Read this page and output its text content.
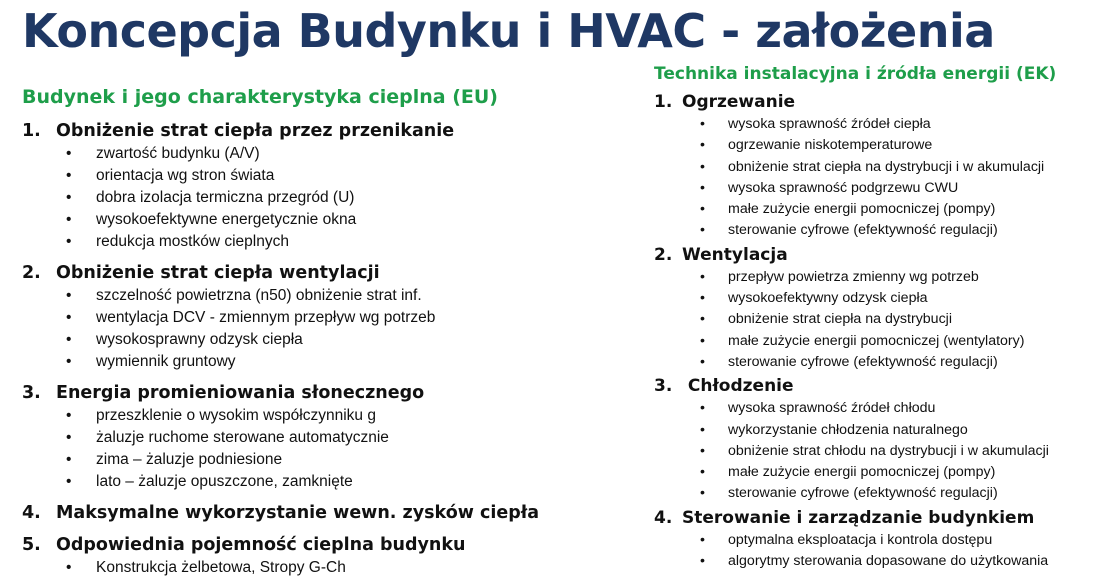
Koncepcja Budynku i HVAC - założenia
Budynek i jego charakterystyka cieplna (EU)
1. Obniżenie strat ciepła przez przenikanie
• zwartość budynku (A/V)
• orientacja wg stron świata
• dobra izolacja termiczna przegród (U)
• wysokoefektywne energetycznie okna
• redukcja mostków cieplnych
2. Obniżenie strat ciepła wentylacji
• szczelność powietrzna (n50) obniżenie strat inf.
• wentylacja DCV - zmiennym przepływ wg potrzeb
• wysokosprawny odzysk ciepła
• wymiennik gruntowy
3. Energia promieniowania słonecznego
• przeszklenie o wysokim współczynniku g
• żaluzje ruchome sterowane automatycznie
• zima – żaluzje podniesione
• lato – żaluzje opuszczone, zamknięte
4. Maksymalne wykorzystanie wewn. zysków ciepła
5. Odpowiednia pojemność cieplna budynku
• Konstrukcja żelbetowa, Stropy G-Ch
Technika instalacyjna i źródła energii (EK)
1. Ogrzewanie
• wysoka sprawność źródeł ciepła
• ogrzewanie niskotemperaturowe
• obniżenie strat ciepła na dystrybucji i w akumulacji
• wysoka sprawność podgrzewu CWU
• małe zużycie energii pomocniczej (pompy)
• sterowanie cyfrowe (efektywność regulacji)
2. Wentylacja
• przepływ powietrza zmienny wg potrzeb
• wysokoefektywny odzysk ciepła
• obniżenie strat ciepła na dystrybucji
• małe zużycie energii pomocniczej (wentylatory)
• sterowanie cyfrowe (efektywność regulacji)
3. Chłodzenie
• wysoka sprawność źródeł chłodu
• wykorzystanie chłodzenia naturalnego
• obniżenie strat chłodu na dystrybucji i w akumulacji
• małe zużycie energii pomocniczej (pompy)
• sterowanie cyfrowe (efektywność regulacji)
4. Sterowanie i zarządzanie budynkiem
• optymalna eksploatacja i kontrola dostępu
• algorytmy sterowania dopasowane do użytkowania
